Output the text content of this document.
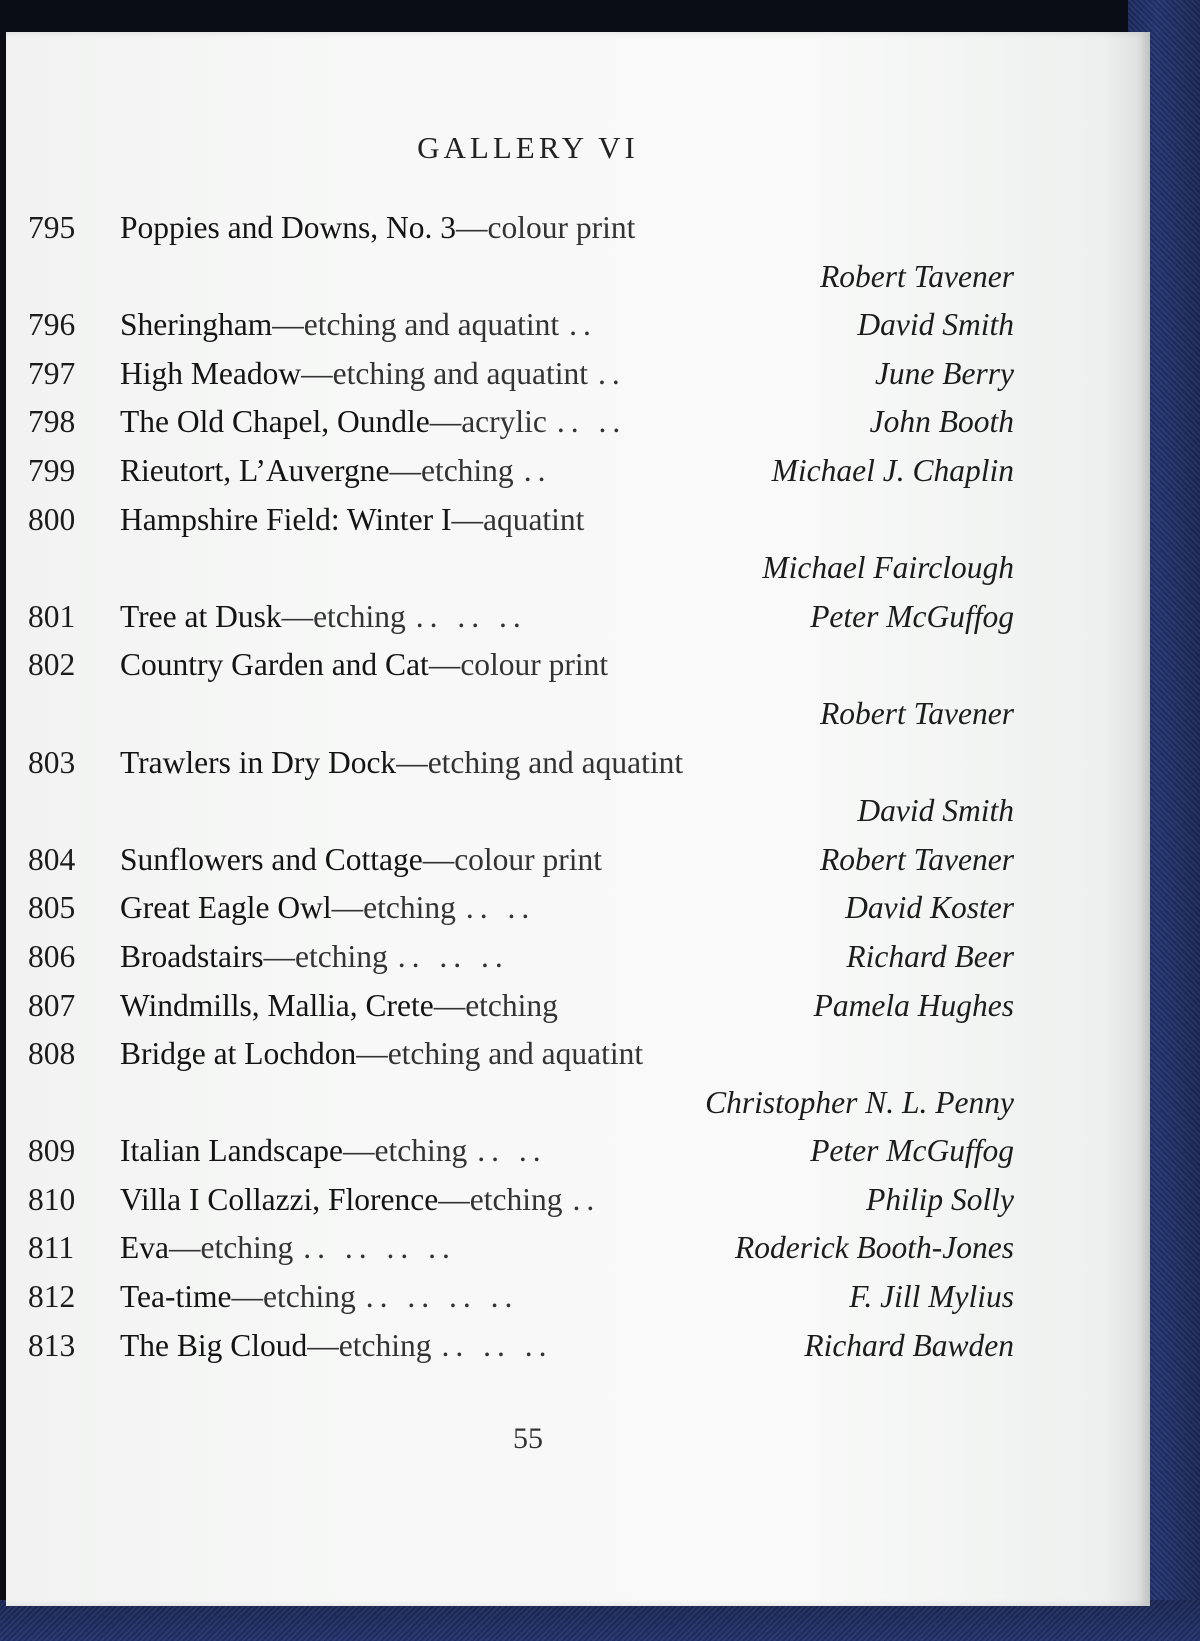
GALLERY VI
795	Poppies and Downs, No. 3—colour print
Robert Tavener
796	Sheringham—etching and aquatint ..	David Smith
797	High Meadow—etching and aquatint ..	June Berry
798	The Old Chapel, Oundle—acrylic .. ..	John Booth
799	Rieutort, L’Auvergne—etching ..	Michael J. Chaplin
800	Hampshire Field: Winter I—aquatint
Michael Fairclough
801	Tree at Dusk—etching .. .. ..	Peter McGuffog
802	Country Garden and Cat—colour print
Robert Tavener
803	Trawlers in Dry Dock—etching and aquatint
David Smith
804	Sunflowers and Cottage—colour print	Robert Tavener
805	Great Eagle Owl—etching .. ..	David Koster
806	Broadstairs—etching .. .. ..	Richard Beer
807	Windmills, Mallia, Crete—etching	Pamela Hughes
808	Bridge at Lochdon—etching and aquatint
Christopher N. L. Penny
809	Italian Landscape—etching .. ..	Peter McGuffog
810	Villa I Collazzi, Florence—etching ..	Philip Solly
811	Eva—etching .. .. .. ..	Roderick Booth-Jones
812	Tea-time—etching .. .. .. ..	F. Jill Mylius
813	The Big Cloud—etching .. .. ..	Richard Bawden
55
